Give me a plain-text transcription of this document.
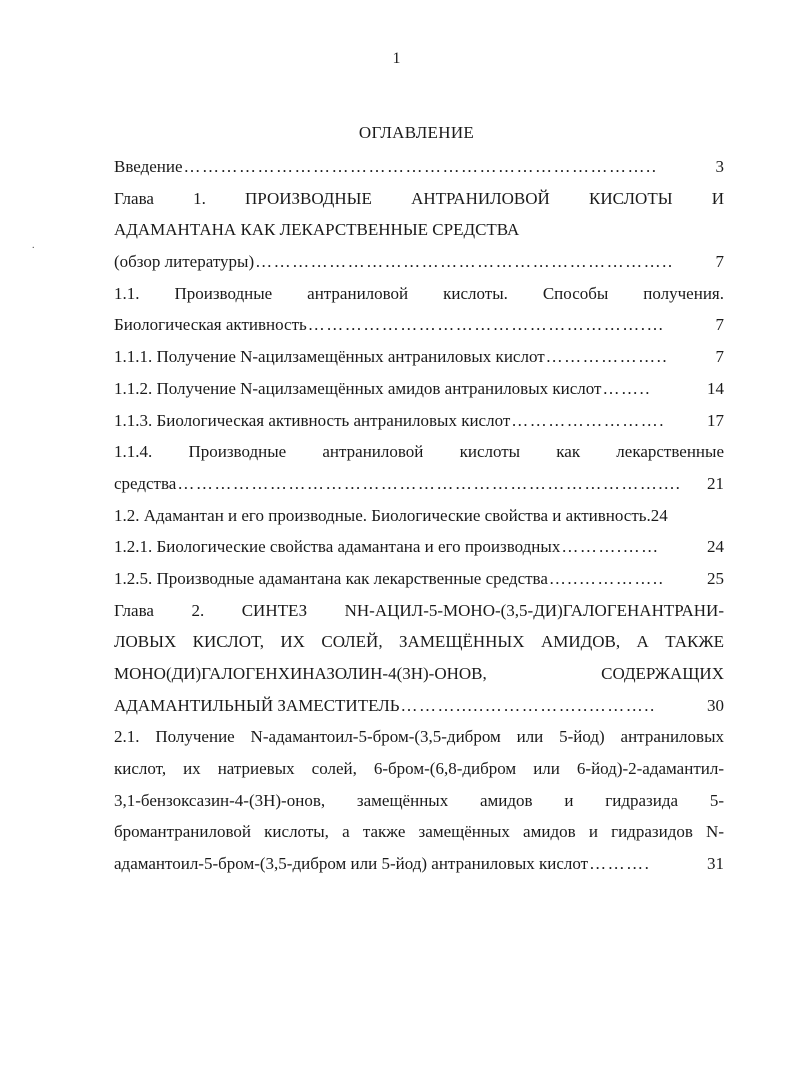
1
ОГЛАВЛЕНИЕ
Введение …………………………………………………………………..	3
Глава 1. ПРОИЗВОДНЫЕ АНТРАНИЛОВОЙ КИСЛОТЫ И
АДАМАНТАНА КАК ЛЕКАРСТВЕННЫЕ СРЕДСТВА
(обзор литературы) …………………………………………………………..	7
1.1. Производные антраниловой кислоты. Способы получения.
Биологическая активность ……………………………………………….…	7
1.1.1. Получение N-ацилзамещённых антраниловых кислот ………………..	7
1.1.2. Получение N-ацилзамещённых амидов антраниловых кислот ……..	14
1.1.3. Биологическая активность антраниловых кислот …………………….	17
1.1.4. Производные антраниловой кислоты как лекарственные
средства ……………………………………………………………………....	21
1.2. Адамантан и его производные. Биологические свойства и активность.24
1.2.1. Биологические свойства адамантана и его производных ……….……	24
1.2.5. Производные адамантана как лекарственные средства …..…………..	25
Глава 2. СИНТЕЗ NH-АЦИЛ-5-МОНО-(3,5-ДИ)ГАЛОГЕНАНТРАНИ-
ЛОВЫХ КИСЛОТ, ИХ СОЛЕЙ, ЗАМЕЩЁННЫХ АМИДОВ, А ТАКЖЕ
МОНО(ДИ)ГАЛОГЕНХИНАЗОЛИН-4(3Н)-ОНОВ, СОДЕРЖАЩИХ
АДАМАНТИЛЬНЫЙ ЗАМЕСТИТЕЛЬ ……….....……………..………..	30
2.1. Получение N-адамантоил-5-бром-(3,5-дибром или 5-йод) антраниловых
кислот, их натриевых солей, 6-бром-(6,8-дибром или 6-йод)-2-адамантил-
3,1-бензоксазин-4-(3Н)-онов, замещённых амидов и гидразида 5-
бромантраниловой кислоты, а также замещённых амидов и гидразидов N-
адамантоил-5-бром-(3,5-дибром или 5-йод) антраниловых кислот ……….	31
.
